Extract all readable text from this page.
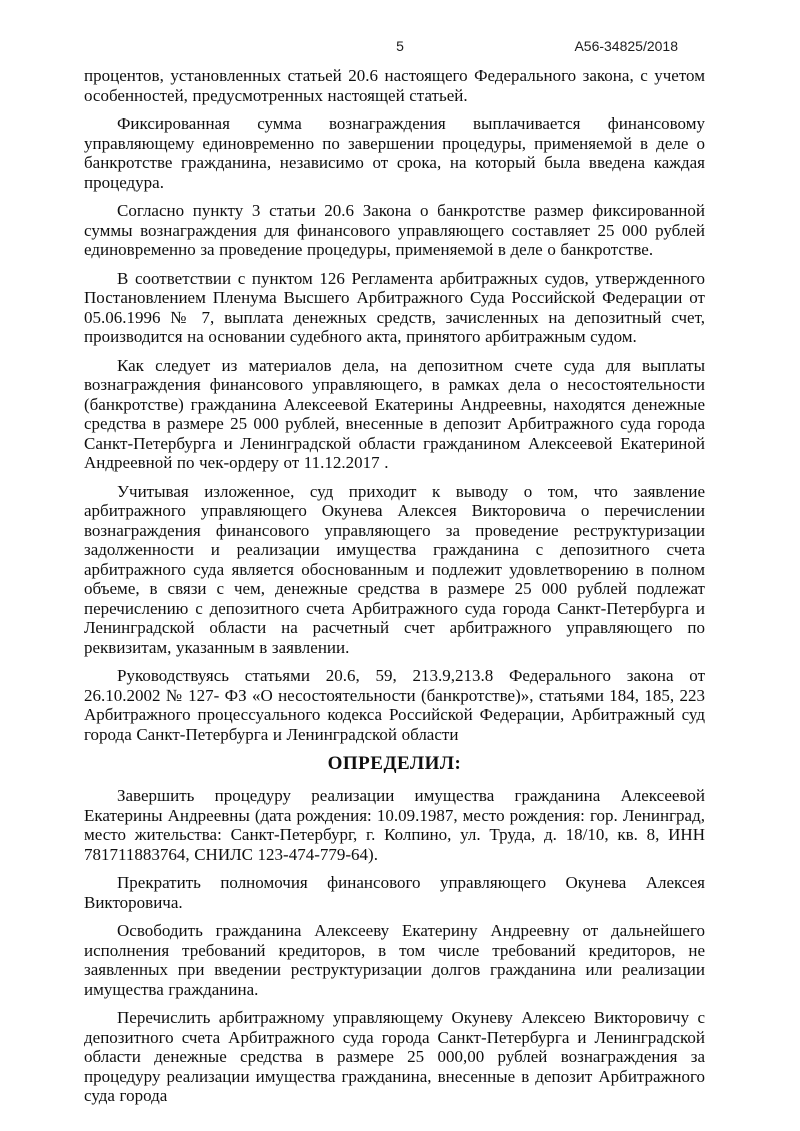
5	А56-34825/2018

процентов, установленных статьей 20.6 настоящего Федерального закона, с учетом особенностей, предусмотренных настоящей статьей.

Фиксированная сумма вознаграждения выплачивается финансовому управляющему единовременно по завершении процедуры, применяемой в деле о банкротстве гражданина, независимо от срока, на который была введена каждая процедура.

Согласно пункту 3 статьи 20.6 Закона о банкротстве размер фиксированной суммы вознаграждения для финансового управляющего составляет 25 000 рублей единовременно за проведение процедуры, применяемой в деле о банкротстве.

В соответствии с пунктом 126 Регламента арбитражных судов, утвержденного Постановлением Пленума Высшего Арбитражного Суда Российской Федерации от 05.06.1996 № 7, выплата денежных средств, зачисленных на депозитный счет, производится на основании судебного акта, принятого арбитражным судом.

Как следует из материалов дела, на депозитном счете суда для выплаты вознаграждения финансового управляющего, в рамках дела о несостоятельности (банкротстве) гражданина Алексеевой Екатерины Андреевны, находятся денежные средства в размере 25 000 рублей, внесенные в депозит Арбитражного суда города Санкт-Петербурга и Ленинградской области гражданином Алексеевой Екатериной Андреевной по чек-ордеру от 11.12.2017 .

Учитывая изложенное, суд приходит к выводу о том, что заявление арбитражного управляющего Окунева Алексея Викторовича о перечислении вознаграждения финансового управляющего за проведение реструктуризации задолженности и реализации имущества гражданина с депозитного счета арбитражного суда является обоснованным и подлежит удовлетворению в полном объеме, в связи с чем, денежные средства в размере 25 000 рублей подлежат перечислению с депозитного счета Арбитражного суда города Санкт-Петербурга и Ленинградской области на расчетный счет арбитражного управляющего по реквизитам, указанным в заявлении.

Руководствуясь статьями 20.6, 59, 213.9,213.8 Федерального закона от 26.10.2002 № 127- ФЗ «О несостоятельности (банкротстве)», статьями 184, 185, 223 Арбитражного процессуального кодекса Российской Федерации, Арбитражный суд города Санкт-Петербурга и Ленинградской области

ОПРЕДЕЛИЛ:

Завершить процедуру реализации имущества гражданина Алексеевой Екатерины Андреевны (дата рождения: 10.09.1987, место рождения: гор. Ленинград, место жительства: Санкт-Петербург, г. Колпино, ул. Труда, д. 18/10, кв. 8, ИНН 781711883764, СНИЛС 123-474-779-64).

Прекратить полномочия финансового управляющего Окунева Алексея Викторовича.

Освободить гражданина Алексееву Екатерину Андреевну от дальнейшего исполнения требований кредиторов, в том числе требований кредиторов, не заявленных при введении реструктуризации долгов гражданина или реализации имущества гражданина.

Перечислить арбитражному управляющему Окуневу Алексею Викторовичу с депозитного счета Арбитражного суда города Санкт-Петербурга и Ленинградской области денежные средства в размере 25 000,00 рублей вознаграждения за процедуру реализации имущества гражданина, внесенные в депозит Арбитражного суда города
